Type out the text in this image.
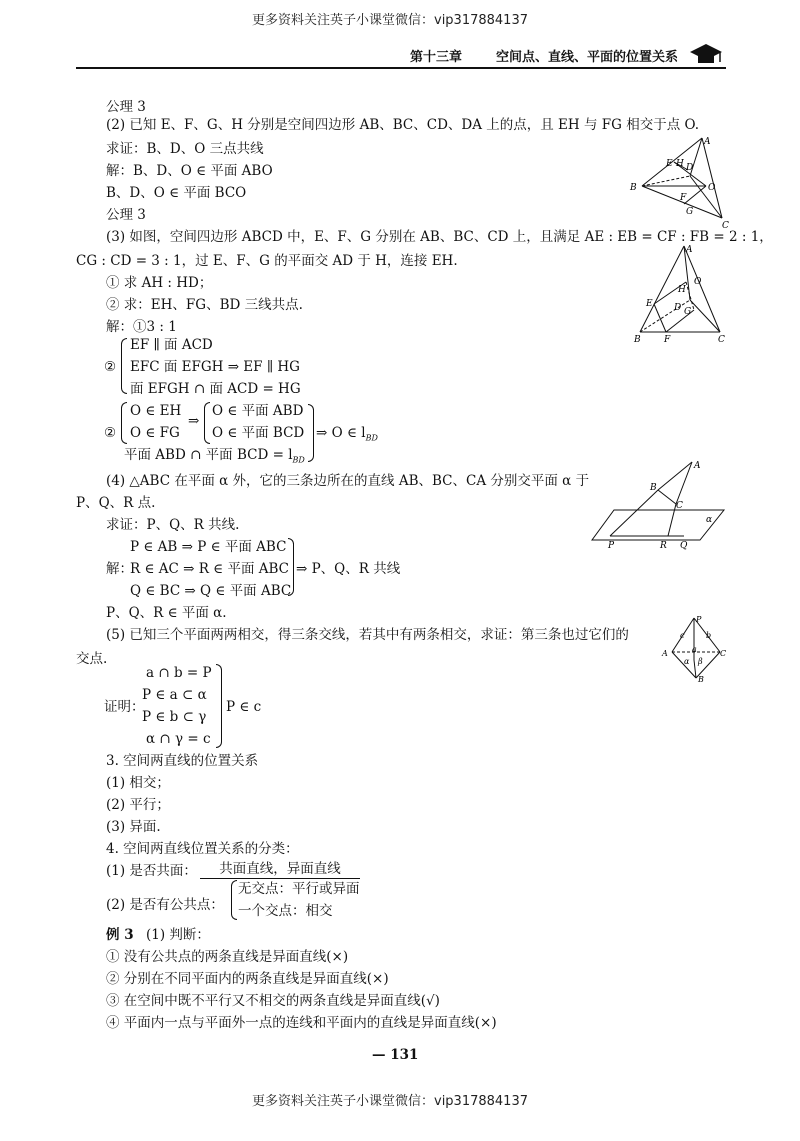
更多资料关注英子小课堂微信：vip317884137
第十三章	空间点、直线、平面的位置关系
公理 3
(2) 已知 E、F、G、H 分别是空间四边形 AB、BC、CD、DA 上的点，且 EH 与 FG 相交于点 O.
求证：B、D、O 三点共线
解：B、D、O ∈ 平面 ABO
B、D、O ∈ 平面 BCO
公理 3
A
B
C
D
E
F
G
H
O
(3) 如图，空间四边形 ABCD 中，E、F、G 分别在 AB、BC、CD 上，且满足 AE : EB = CF : FB = 2 : 1，
CG : CD = 3 : 1，过 E、F、G 的平面交 AD 于 H，连接 EH.
① 求 AH : HD；
② 求：EH、FG、BD 三线共点.
解：①3 : 1
A
B	C
O
H
E
F
G
D
②
EF ∥ 面 ACD
EFC 面 EFGH ⇒ EF ∥ HG
面 EFGH ∩ 面 ACD = HG
②
O ∈ EH
O ∈ FG
⇒
O ∈ 平面 ABD
O ∈ 平面 BCD
平面 ABD ∩ 平面 BCD = $l_{BD}$
⇒ O ∈ $l_{BD}$
(4) △ABC 在平面 α 外，它的三条边所在的直线 AB、BC、CA 分别交平面 α 于
P、Q、R 点.
求证：P、Q、R 共线.
A
B
C
P	R Q
α
P ∈ AB ⇒ P ∈ 平面 ABC
解：
R ∈ AC ⇒ R ∈ 平面 ABC
Q ∈ BC ⇒ Q ∈ 平面 ABC
⇒ P、Q、R 共线
P、Q、R ∈ 平面 α.
(5) 已知三个平面两两相交，得三条交线，若其中有两条相交，求证：第三条也过它们的
交点.
P
c	b
A	C
a
β
α
B
a ∩ b = P
P ∈ a ⊂ α
证明：
P ∈ b ⊂ γ
α ∩ γ = c
P ∈ c
3. 空间两直线的位置关系
(1) 相交；
(2) 平行；
(3) 异面.
4. 空间两直线位置关系的分类：
(1) 是否共面：	共面直线，异面直线
(2) 是否有公共点：
无交点：平行或异面
一个交点：相交
例 3 (1) 判断：
① 没有公共点的两条直线是异面直线(×)
② 分别在不同平面内的两条直线是异面直线(×)
③ 在空间中既不平行又不相交的两条直线是异面直线(√)
④ 平面内一点与平面外一点的连线和平面内的直线是异面直线(×)
— 131
更多资料关注英子小课堂微信：vip317884137
